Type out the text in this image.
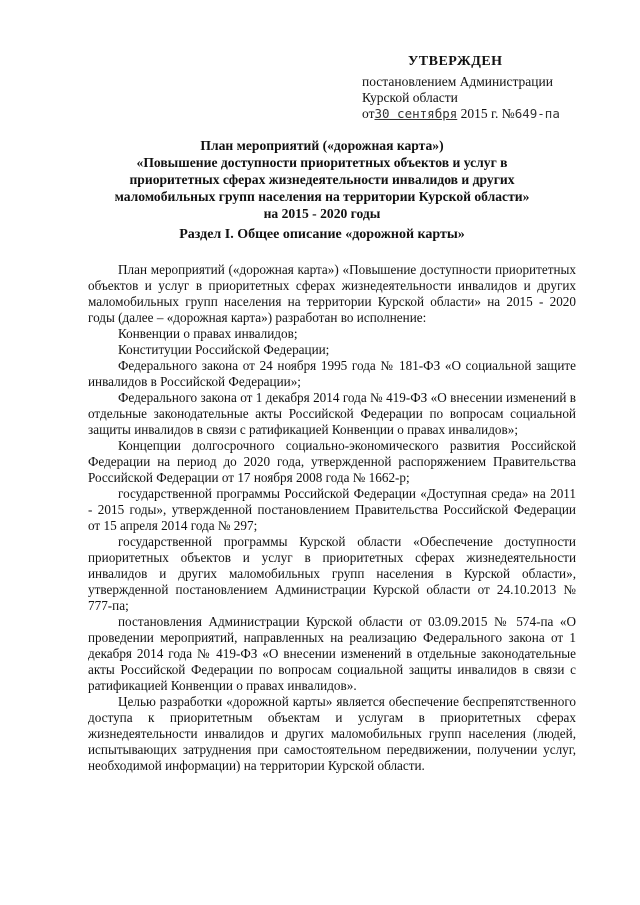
УТВЕРЖДЕН
постановлением Администрации
Курской области
от30 сентября 2015 г. №649-па
План мероприятий («дорожная карта»)
«Повышение доступности приоритетных объектов и услуг в
приоритетных сферах жизнедеятельности инвалидов и других
маломобильных групп населения на территории Курской области»
на 2015 - 2020 годы
Раздел I. Общее описание «дорожной карты»

План мероприятий («дорожная карта») «Повышение доступности приоритетных объектов и услуг в приоритетных сферах жизнедеятельности инвалидов и других маломобильных групп населения на территории Курской области» на 2015 - 2020 годы (далее – «дорожная карта») разработан во исполнение:

Конвенции о правах инвалидов;

Конституции Российской Федерации;

Федерального закона от 24 ноября 1995 года № 181-ФЗ «О социальной защите инвалидов в Российской Федерации»;

Федерального закона от 1 декабря 2014 года № 419-ФЗ «О внесении изменений в отдельные законодательные акты Российской Федерации по вопросам социальной защиты инвалидов в связи с ратификацией Конвенции о правах инвалидов»;

Концепции долгосрочного социально-экономического развития Российской Федерации на период до 2020 года, утвержденной распоряжением Правительства Российской Федерации от 17 ноября 2008 года № 1662-р;

государственной программы Российской Федерации «Доступная среда» на 2011 - 2015 годы», утвержденной постановлением Правительства Российской Федерации от 15 апреля 2014 года № 297;

государственной программы Курской области «Обеспечение доступности приоритетных объектов и услуг в приоритетных сферах жизнедеятельности инвалидов и других маломобильных групп населения в Курской области», утвержденной постановлением Администрации Курской области от 24.10.2013 № 777-па;

постановления Администрации Курской области от 03.09.2015 № 574-па «О проведении мероприятий, направленных на реализацию Федерального закона от 1 декабря 2014 года № 419-ФЗ «О внесении изменений в отдельные законодательные акты Российской Федерации по вопросам социальной защиты инвалидов в связи с ратификацией Конвенции о правах инвалидов».

Целью разработки «дорожной карты» является обеспечение беспрепятственного доступа к приоритетным объектам и услугам в приоритетных сферах жизнедеятельности инвалидов и других маломобильных групп населения (людей, испытывающих затруднения при самостоятельном передвижении, получении услуг, необходимой информации) на территории Курской области.
